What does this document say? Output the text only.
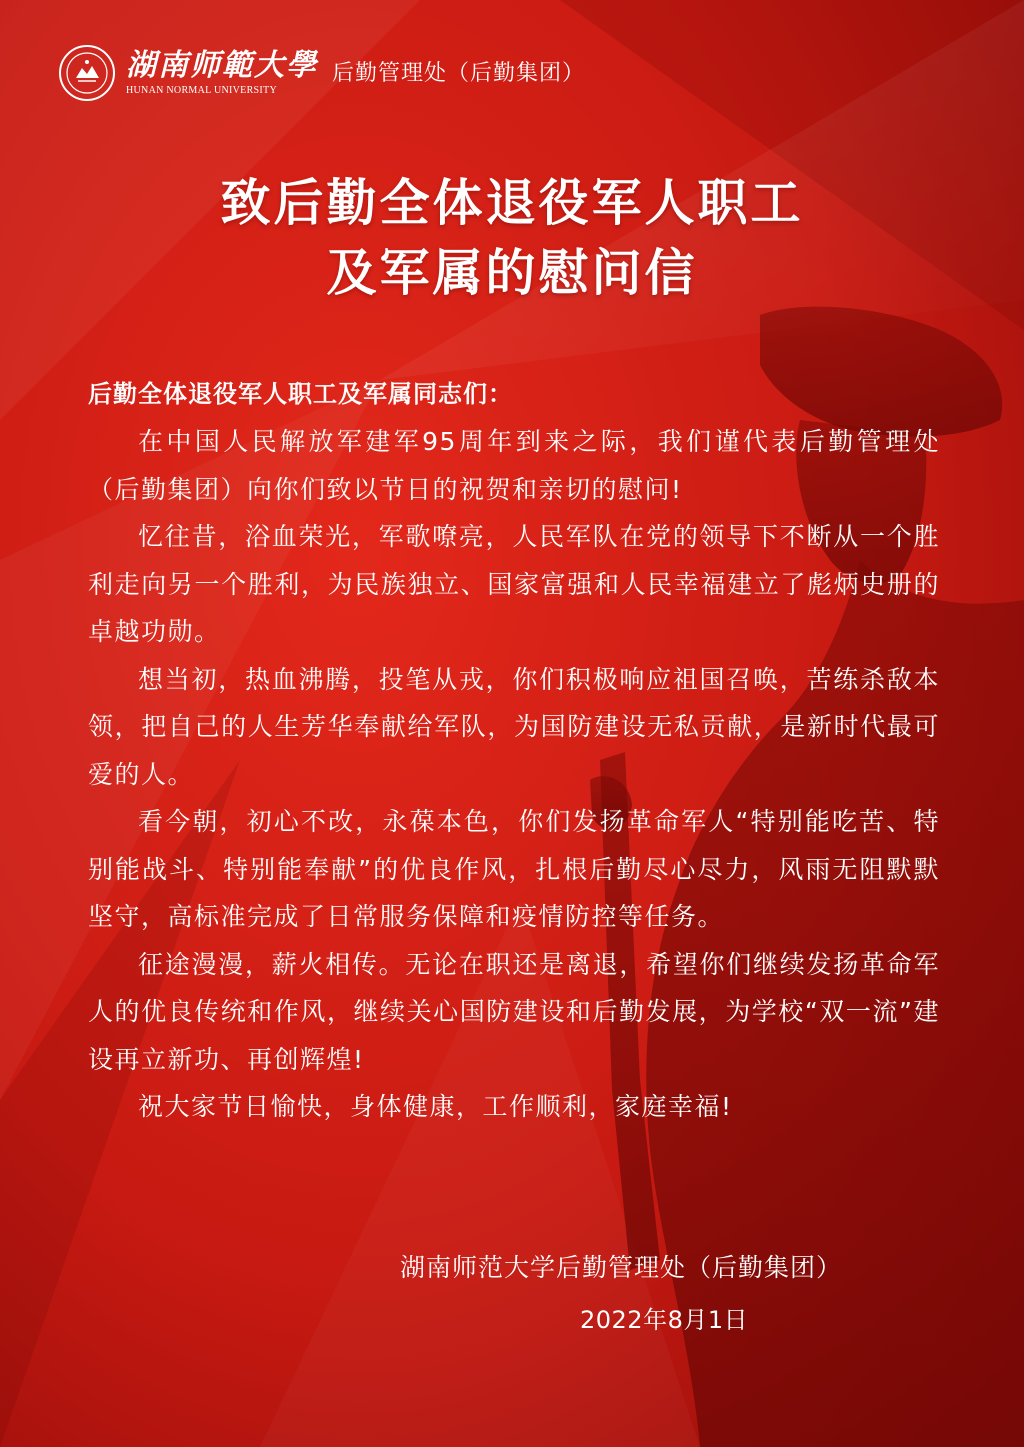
湖南师範大學
HUNAN NORMAL UNIVERSITY
后勤管理处（后勤集团）
致后勤全体退役军人职工
及军属的慰问信
后勤全体退役军人职工及军属同志们：

在中国人民解放军建军95周年到来之际，我们谨代表后勤管理处（后勤集团）向你们致以节日的祝贺和亲切的慰问!

忆往昔，浴血荣光，军歌嘹亮，人民军队在党的领导下不断从一个胜利走向另一个胜利，为民族独立、国家富强和人民幸福建立了彪炳史册的卓越功勋。

想当初，热血沸腾，投笔从戎，你们积极响应祖国召唤，苦练杀敌本领，把自己的人生芳华奉献给军队，为国防建设无私贡献，是新时代最可爱的人。

看今朝，初心不改，永葆本色，你们发扬革命军人“特别能吃苦、特别能战斗、特别能奉献”的优良作风，扎根后勤尽心尽力，风雨无阻默默坚守，高标准完成了日常服务保障和疫情防控等任务。

征途漫漫，薪火相传。无论在职还是离退，希望你们继续发扬革命军人的优良传统和作风，继续关心国防建设和后勤发展，为学校“双一流”建设再立新功、再创辉煌!

祝大家节日愉快，身体健康，工作顺利，家庭幸福!

湖南师范大学后勤管理处（后勤集团）
2022年8月1日
